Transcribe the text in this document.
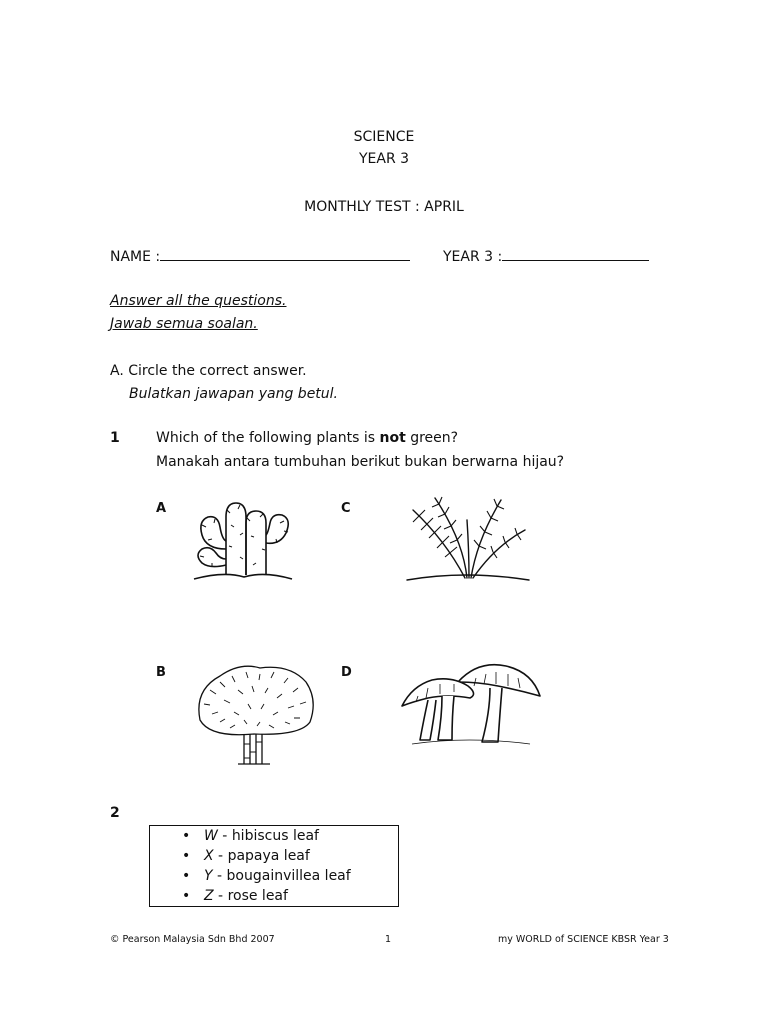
SCIENCE
YEAR 3
MONTHLY TEST : APRIL
NAME :	YEAR 3 :
Answer all the questions.
Jawab semua soalan.
A. Circle the correct answer.
Bulatkan jawapan yang betul.
1	Which of the following plants is not green?
Manakah antara tumbuhan berikut bukan berwarna hijau?
A	C
B	D
2
• W - hibiscus leaf
• X - papaya leaf
• Y - bougainvillea leaf
• Z - rose leaf
© Pearson Malaysia Sdn Bhd 2007	1	my WORLD of SCIENCE KBSR Year 3
